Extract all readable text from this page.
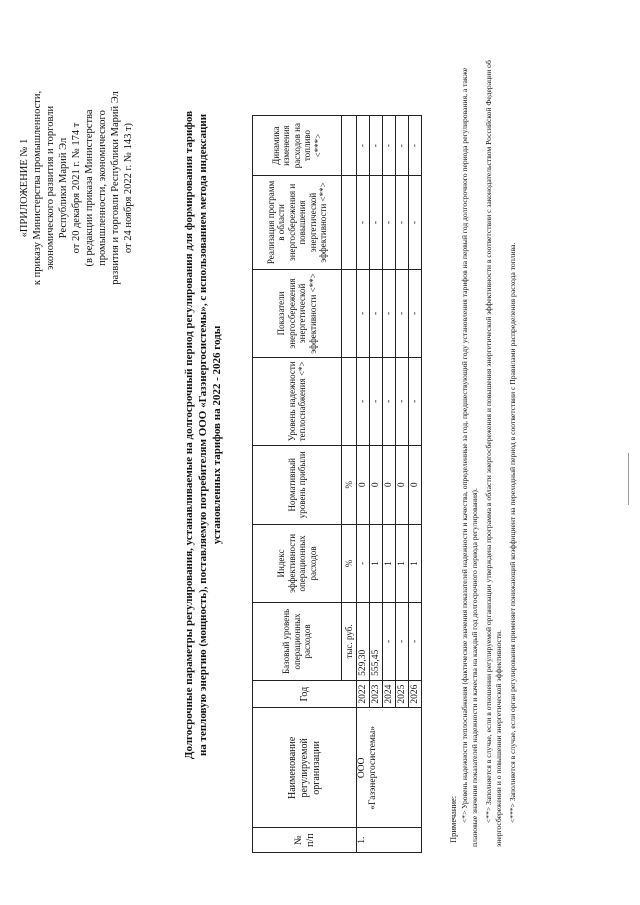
«ПРИЛОЖЕНИЕ № 1 к приказу Министерства промышленности, экономического развития и торговли Республики Марий Эл от 20 декабря 2021 г. № 174 т (в редакции приказа Министерства промышленности, экономического развития и торговли Республики Марий Эл от 24 ноября 2022 г. № 143 т)	Долгосрочные параметры регулирования, устанавливаемые на долгосрочный период регулирования для формирования тарифов на тепловую энергию (мощность), поставляемую потребителям ООО «Газэнергосистемы», с использованием метода индексации установленных тарифов на 2022 - 2026 годы
№ п/п	Наименование регулируемой организации	Год	Базовый уровень операционных расходов	Индекс эффективности операционных расходов	Нормативный уровень прибыли	Уровень надежности теплоснабжения <*>	Показатели энергосбережения энергетической эффективности <**>	Реализация программ в области энергосбережения и повышения энергетической эффективности <**>	Динамика изменения расходов на топливо <***>
			тыс. руб.	%	%				
1.	ООО «Газэнергосистемы»	2022	529,30	-	0	-	-	-	-
		2023	555,45	1	0	-	-	-	-
		2024	-	1	0	-	-	-	-
		2025	-	1	0	-	-	-	-
		2026	-	1	0	-	-	-	-

Примечание: <*> Уровень надежности теплоснабжения (фактические значения показателей надежности и качества, определенные за год, предшествующий году установления тарифов на первый год долгосрочного периода регулирования, а также плановые значения показателей надежности и качества на каждый год долгосрочного периода регулирования). <**> Заполняется в случае, если в отношении регулируемой организации утверждена программа в области энергосбережения и повышения энергетической эффективности в соответствии с законодательством Российской Федерации об энергосбережении и о повышении энергетической эффективности. <***> Заполняется в случае, если орган регулирования применяет понижающий коэффициент на переходный период в соответствии с Правилами распределения расхода топлива.
